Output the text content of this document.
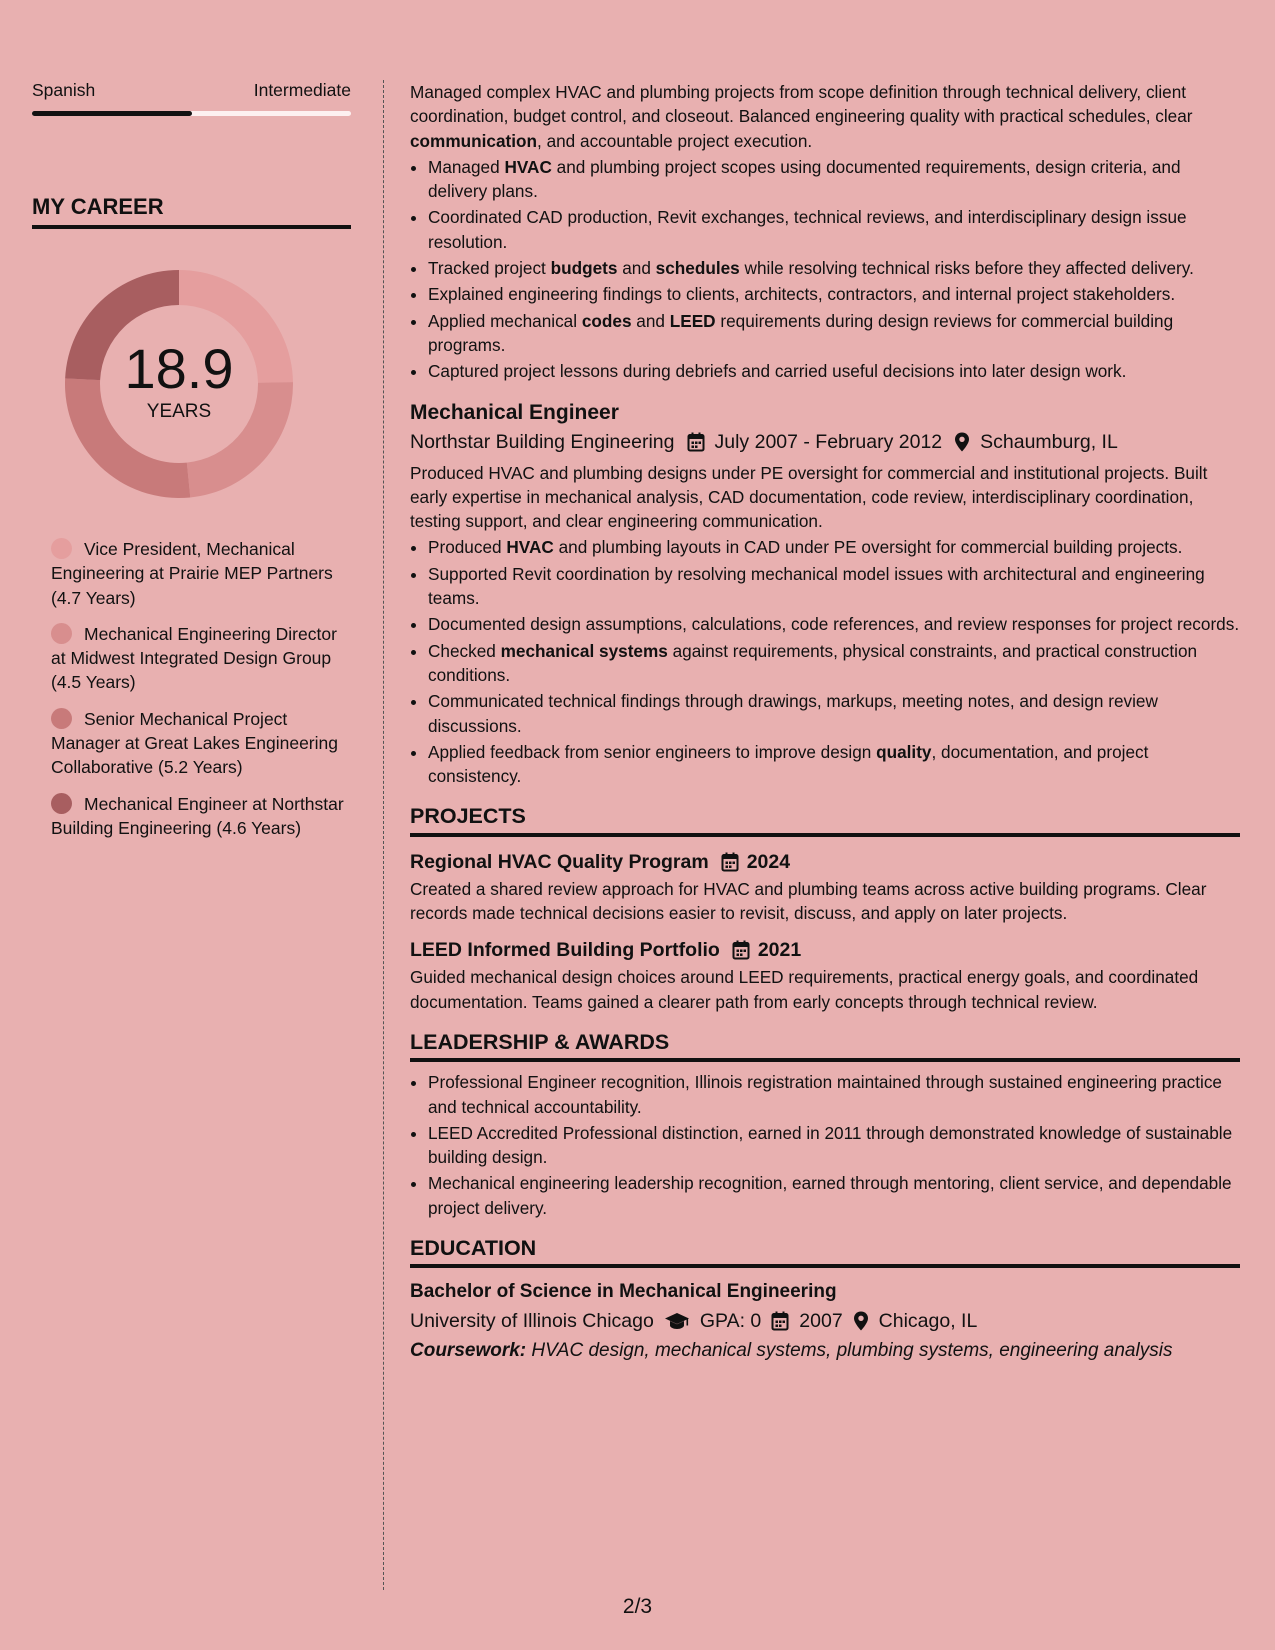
Spanish	Intermediate
MY CAREER
18.9
YEARS
Vice President, Mechanical Engineering at Prairie MEP Partners (4.7 Years)
Mechanical Engineering Director at Midwest Integrated Design Group (4.5 Years)
Senior Mechanical Project Manager at Great Lakes Engineering Collaborative (5.2 Years)
Mechanical Engineer at Northstar Building Engineering (4.6 Years)

Managed complex HVAC and plumbing projects from scope definition through technical delivery, client coordination, budget control, and closeout. Balanced engineering quality with practical schedules, clear communication, and accountable project execution.

• Managed HVAC and plumbing project scopes using documented requirements, design criteria, and delivery plans.
• Coordinated CAD production, Revit exchanges, technical reviews, and interdisciplinary design issue resolution.
• Tracked project budgets and schedules while resolving technical risks before they affected delivery.
• Explained engineering findings to clients, architects, contractors, and internal project stakeholders.
• Applied mechanical codes and LEED requirements during design reviews for commercial building programs.
• Captured project lessons during debriefs and carried useful decisions into later design work.
Mechanical Engineer
Northstar Building Engineering July 2007 - February 2012 Schaumburg, IL

Produced HVAC and plumbing designs under PE oversight for commercial and institutional projects. Built early expertise in mechanical analysis, CAD documentation, code review, interdisciplinary coordination, testing support, and clear engineering communication.

• Produced HVAC and plumbing layouts in CAD under PE oversight for commercial building projects.
• Supported Revit coordination by resolving mechanical model issues with architectural and engineering teams.
• Documented design assumptions, calculations, code references, and review responses for project records.
• Checked mechanical systems against requirements, physical constraints, and practical construction conditions.
• Communicated technical findings through drawings, markups, meeting notes, and design review discussions.
• Applied feedback from senior engineers to improve design quality, documentation, and project consistency.
PROJECTS
Regional HVAC Quality Program 2024

Created a shared review approach for HVAC and plumbing teams across active building programs. Clear records made technical decisions easier to revisit, discuss, and apply on later projects.

LEED Informed Building Portfolio 2021

Guided mechanical design choices around LEED requirements, practical energy goals, and coordinated documentation. Teams gained a clearer path from early concepts through technical review.

LEADERSHIP & AWARDS
• Professional Engineer recognition, Illinois registration maintained through sustained engineering practice and technical accountability.
• LEED Accredited Professional distinction, earned in 2011 through demonstrated knowledge of sustainable building design.
• Mechanical engineering leadership recognition, earned through mentoring, client service, and dependable project delivery.
EDUCATION
Bachelor of Science in Mechanical Engineering
University of Illinois Chicago GPA: 0 2007 Chicago, IL
Coursework: HVAC design, mechanical systems, plumbing systems, engineering analysis
2/3
